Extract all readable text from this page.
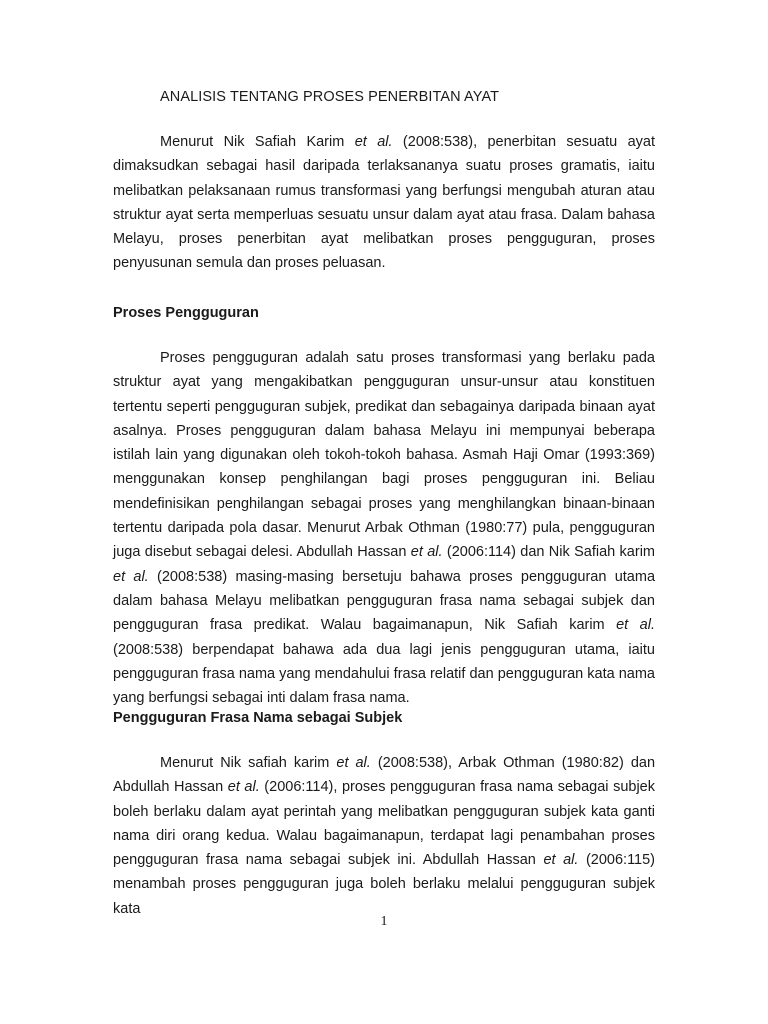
ANALISIS TENTANG PROSES PENERBITAN AYAT

Menurut Nik Safiah Karim et al. (2008:538), penerbitan sesuatu ayat dimaksudkan sebagai hasil daripada terlaksananya suatu proses gramatis, iaitu melibatkan pelaksanaan rumus transformasi yang berfungsi mengubah aturan atau struktur ayat serta memperluas sesuatu unsur dalam ayat atau frasa. Dalam bahasa Melayu, proses penerbitan ayat melibatkan proses pengguguran, proses penyusunan semula dan proses peluasan.

Proses Pengguguran

Proses pengguguran adalah satu proses transformasi yang berlaku pada struktur ayat yang mengakibatkan pengguguran unsur-unsur atau konstituen tertentu seperti pengguguran subjek, predikat dan sebagainya daripada binaan ayat asalnya. Proses pengguguran dalam bahasa Melayu ini mempunyai beberapa istilah lain yang digunakan oleh tokoh-tokoh bahasa. Asmah Haji Omar (1993:369) menggunakan konsep penghilangan bagi proses pengguguran ini. Beliau mendefinisikan penghilangan sebagai proses yang menghilangkan binaan-binaan tertentu daripada pola dasar. Menurut Arbak Othman (1980:77) pula, pengguguran juga disebut sebagai delesi. Abdullah Hassan et al. (2006:114) dan Nik Safiah karim et al. (2008:538) masing-masing bersetuju bahawa proses pengguguran utama dalam bahasa Melayu melibatkan pengguguran frasa nama sebagai subjek dan pengguguran frasa predikat. Walau bagaimanapun, Nik Safiah karim et al. (2008:538) berpendapat bahawa ada dua lagi jenis pengguguran utama, iaitu pengguguran frasa nama yang mendahului frasa relatif dan pengguguran kata nama yang berfungsi sebagai inti dalam frasa nama.

Pengguguran Frasa Nama sebagai Subjek

Menurut Nik safiah karim et al. (2008:538), Arbak Othman (1980:82) dan Abdullah Hassan et al. (2006:114), proses pengguguran frasa nama sebagai subjek boleh berlaku dalam ayat perintah yang melibatkan pengguguran subjek kata ganti nama diri orang kedua. Walau bagaimanapun, terdapat lagi penambahan proses pengguguran frasa nama sebagai subjek ini. Abdullah Hassan et al. (2006:115) menambah proses pengguguran juga boleh berlaku melalui pengguguran subjek kata

1
